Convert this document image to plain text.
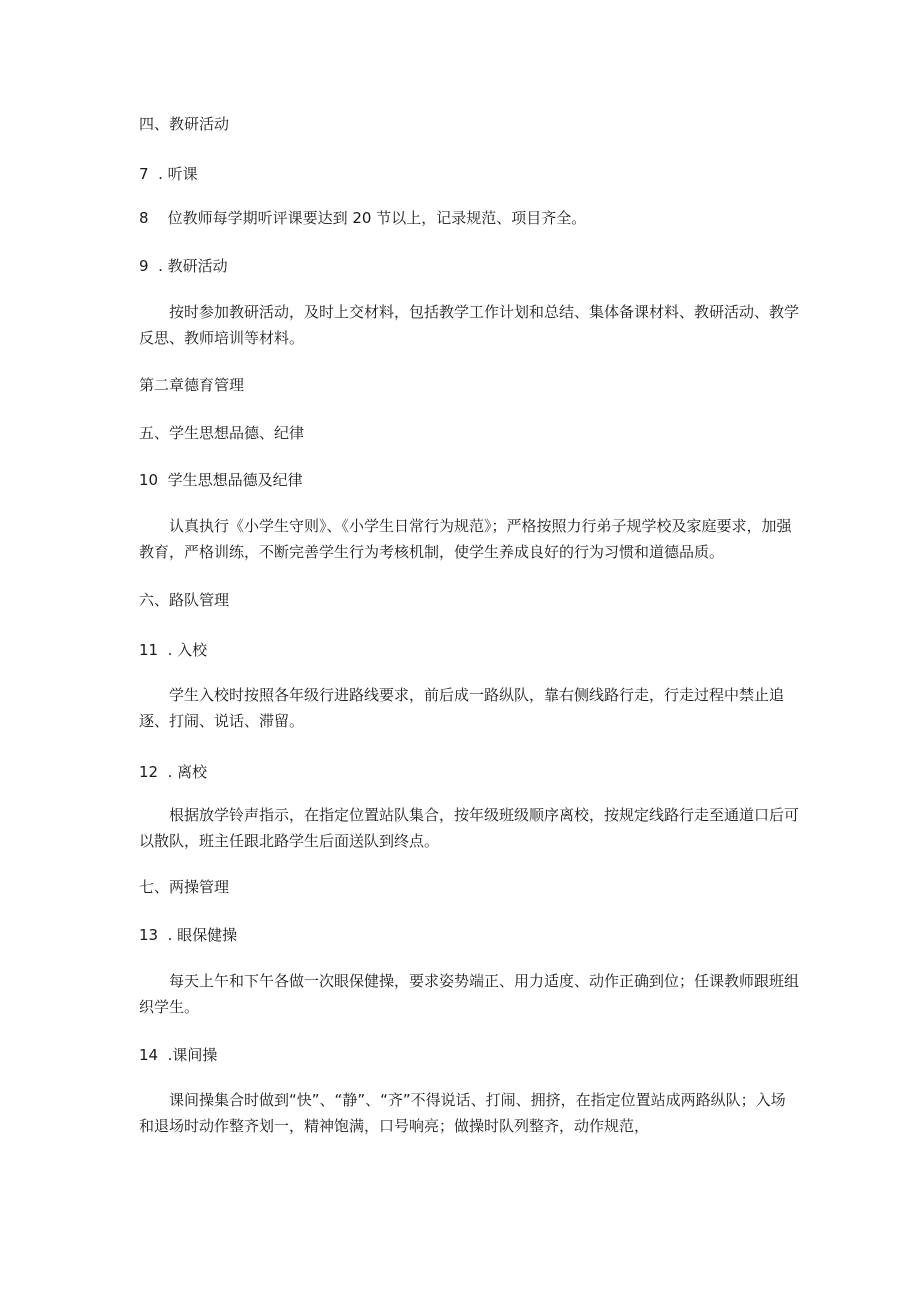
四、教研活动

7  . 听课

8    位教师每学期听评课要达到 20 节以上，记录规范、项目齐全。

9  . 教研活动

按时参加教研活动，及时上交材料，包括教学工作计划和总结、集体备课材料、教研活动、教学反思、教师培训等材料。

第二章德育管理

五、学生思想品德、纪律

10  学生思想品德及纪律

认真执行《小学生守则》、《小学生日常行为规范》；严格按照力行弟子规学校及家庭要求，加强教育，严格训练，不断完善学生行为考核机制，使学生养成良好的行为习惯和道德品质。

六、路队管理

11  . 入校

学生入校时按照各年级行进路线要求，前后成一路纵队，靠右侧线路行走，行走过程中禁止追逐、打闹、说话、滞留。

12  . 离校

根据放学铃声指示，在指定位置站队集合，按年级班级顺序离校，按规定线路行走至通道口后可以散队，班主任跟北路学生后面送队到终点。

七、两操管理

13  . 眼保健操

每天上午和下午各做一次眼保健操，要求姿势端正、用力适度、动作正确到位；任课教师跟班组织学生。

14  .课间操

课间操集合时做到“快”、“静”、“齐”不得说话、打闹、拥挤，在指定位置站成两路纵队；入场和退场时动作整齐划一，精神饱满，口号响亮；做操时队列整齐，动作规范，
